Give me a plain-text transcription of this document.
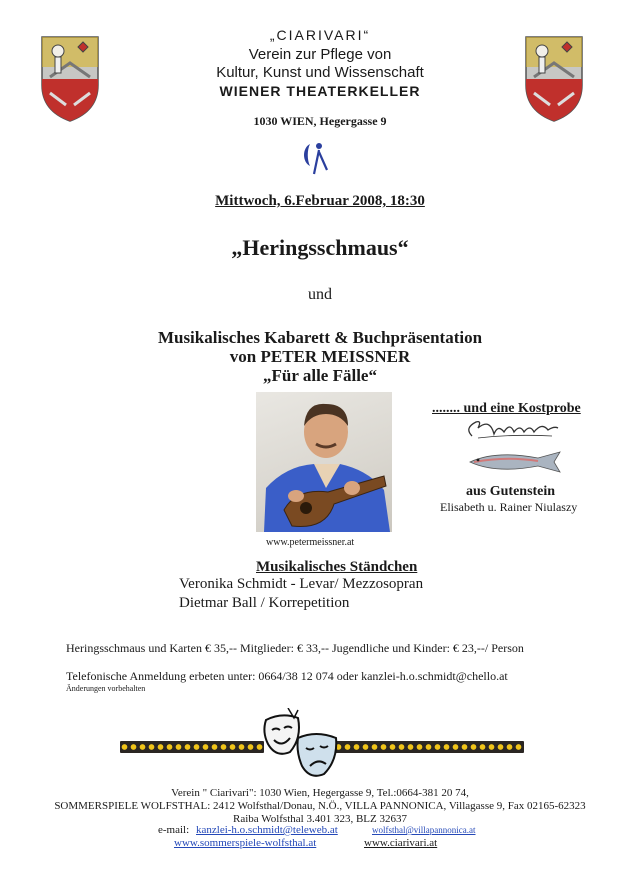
„CIARIVARI“
Verein zur Pflege von
Kultur, Kunst und Wissenschaft
WIENER THEATERKELLER
1030 WIEN, Hegergasse 9
Mittwoch, 6.Februar 2008, 18:30
„Heringsschmaus“
und
Musikalisches Kabarett & Buchpräsentation
von PETER MEISSNER
„Für alle Fälle“
www.petermeissner.at
........ und eine Kostprobe
aus Gutenstein
Elisabeth u. Rainer Niulaszy
Musikalisches Ständchen
Veronika Schmidt - Levar/ Mezzosopran
Dietmar Ball / Korrepetition
Heringsschmaus und Karten € 35,-- Mitglieder: € 33,-- Jugendliche und Kinder: € 23,--/ Person
Telefonische Anmeldung erbeten unter: 0664/38 12 074 oder kanzlei-h.o.schmidt@chello.at
Änderungen vorbehalten
Verein " Ciarivari": 1030 Wien, Hegergasse 9, Tel.:0664-381 20 74,
SOMMERSPIELE WOLFSTHAL: 2412 Wolfsthal/Donau, N.Ö., VILLA PANNONICA, Villagasse 9, Fax 02165-62323
Raiba Wolfsthal 3.401 323, BLZ 32637
e-mail: kanzlei-h.o.schmidt@teleweb.at	wolfsthal@villapannonica.at
www.sommerspiele-wolfsthal.at	www.ciarivari.at
